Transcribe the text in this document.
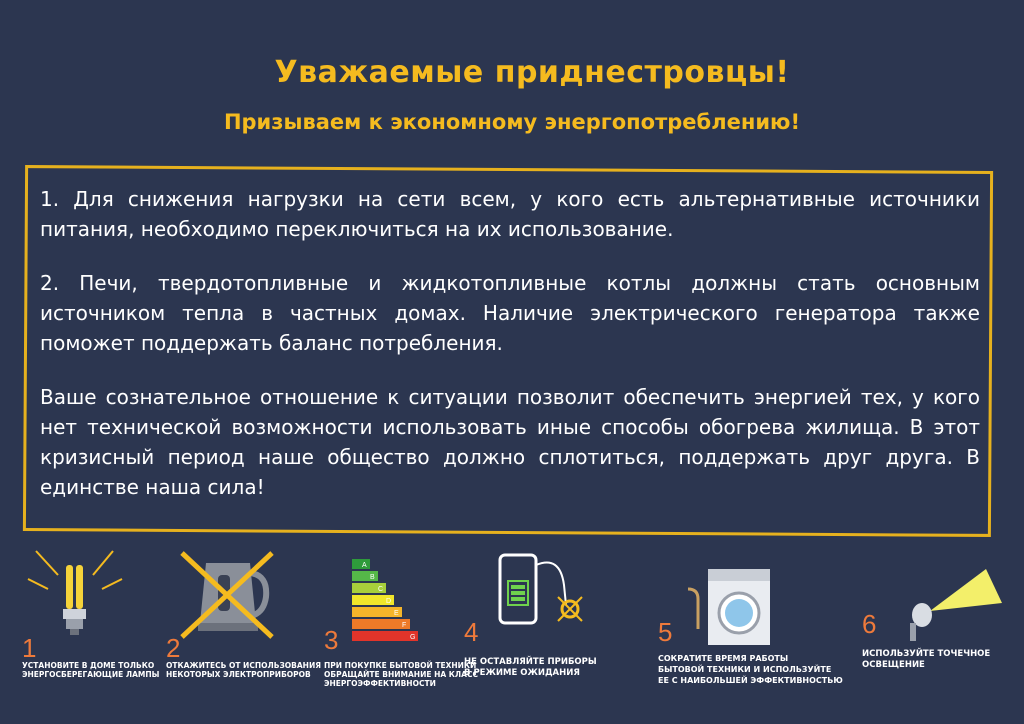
Уважаемые приднестровцы!
Призываем к экономному энергопотреблению!

1. Для снижения нагрузки на сети всем, у кого есть альтернативные источники питания, необходимо переключиться на их использование.

2. Печи, твердотопливные и жидкотопливные котлы должны стать основным источником тепла в частных домах. Наличие электрического генератора также поможет поддержать баланс потребления.

Ваше сознательное отношение к ситуации позволит обеспечить энергией тех, у кого нет технической возможности использовать иные способы обогрева жилища. В этот кризисный период наше общество должно сплотиться, поддержать друг друга. В единстве наша сила!

1
УСТАНОВИТЕ В ДОМЕ ТОЛЬКО
ЭНЕРГОСБЕРЕГАЮЩИЕ ЛАМПЫ
2
ОТКАЖИТЕСЬ ОТ ИСПОЛЬЗОВАНИЯ
НЕКОТОРЫХ ЭЛЕКТРОПРИБОРОВ
A
B
C
D
E
F
G
3
ПРИ ПОКУПКЕ БЫТОВОЙ ТЕХНИКИ
ОБРАЩАЙТЕ ВНИМАНИЕ НА КЛАСС
ЭНЕРГОЭФФЕКТИВНОСТИ
4
НЕ ОСТАВЛЯЙТЕ ПРИБОРЫ
В РЕЖИМЕ ОЖИДАНИЯ
5
СОКРАТИТЕ ВРЕМЯ РАБОТЫ
БЫТОВОЙ ТЕХНИКИ И ИСПОЛЬЗУЙТЕ
ЕЕ С НАИБОЛЬШЕЙ ЭФФЕКТИВНОСТЬЮ
6
ИСПОЛЬЗУЙТЕ ТОЧЕЧНОЕ
ОСВЕЩЕНИЕ
